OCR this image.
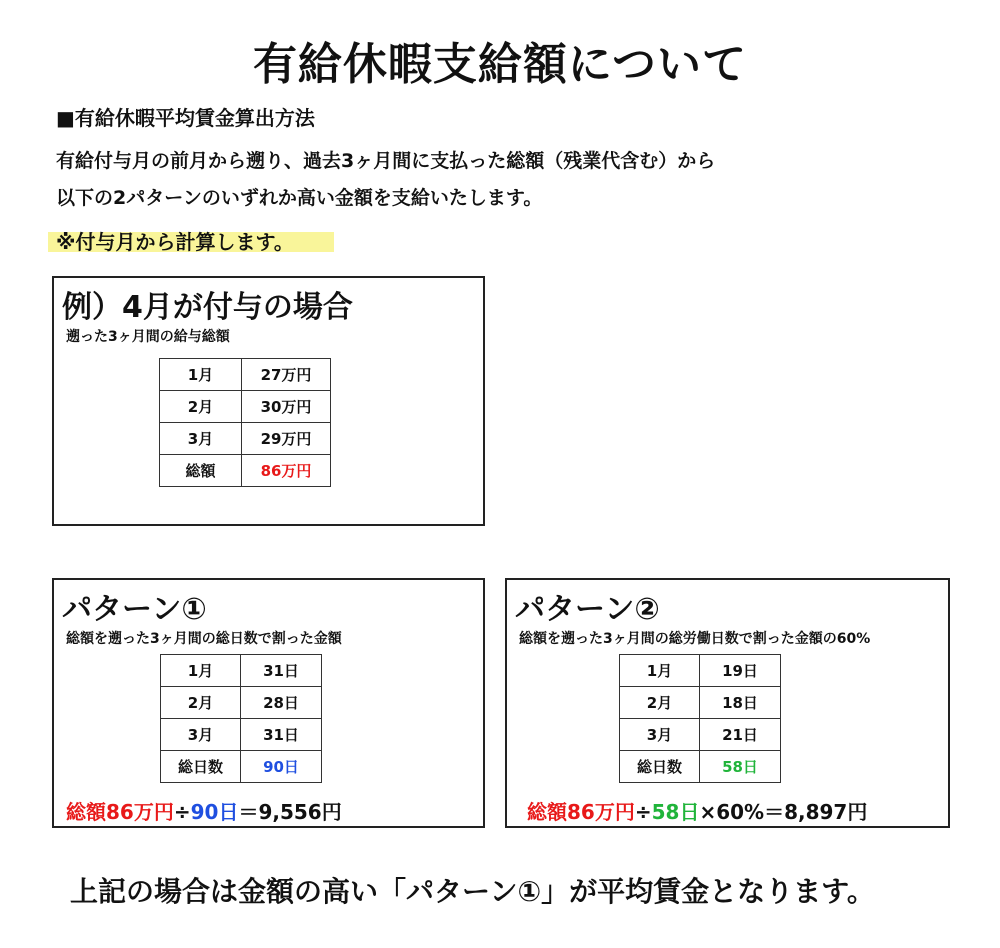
有給休暇支給額について
■有給休暇平均賃金算出方法
有給付与月の前月から遡り、過去3ヶ月間に支払った総額（残業代含む）から
以下の2パターンのいずれか高い金額を支給いたします。
※付与月から計算します。
例）4月が付与の場合
遡った3ヶ月間の給与総額
1月	27万円
2月	30万円
3月	29万円
総額	86万円
パターン①
総額を遡った3ヶ月間の総日数で割った金額
1月	31日
2月	28日
3月	31日
総日数	90日
総額86万円÷90日＝9,556円
パターン②
総額を遡った3ヶ月間の総労働日数で割った金額の60%
1月	19日
2月	18日
3月	21日
総日数	58日
総額86万円÷58日×60%＝8,897円
上記の場合は金額の高い「パターン①」が平均賃金となります。
